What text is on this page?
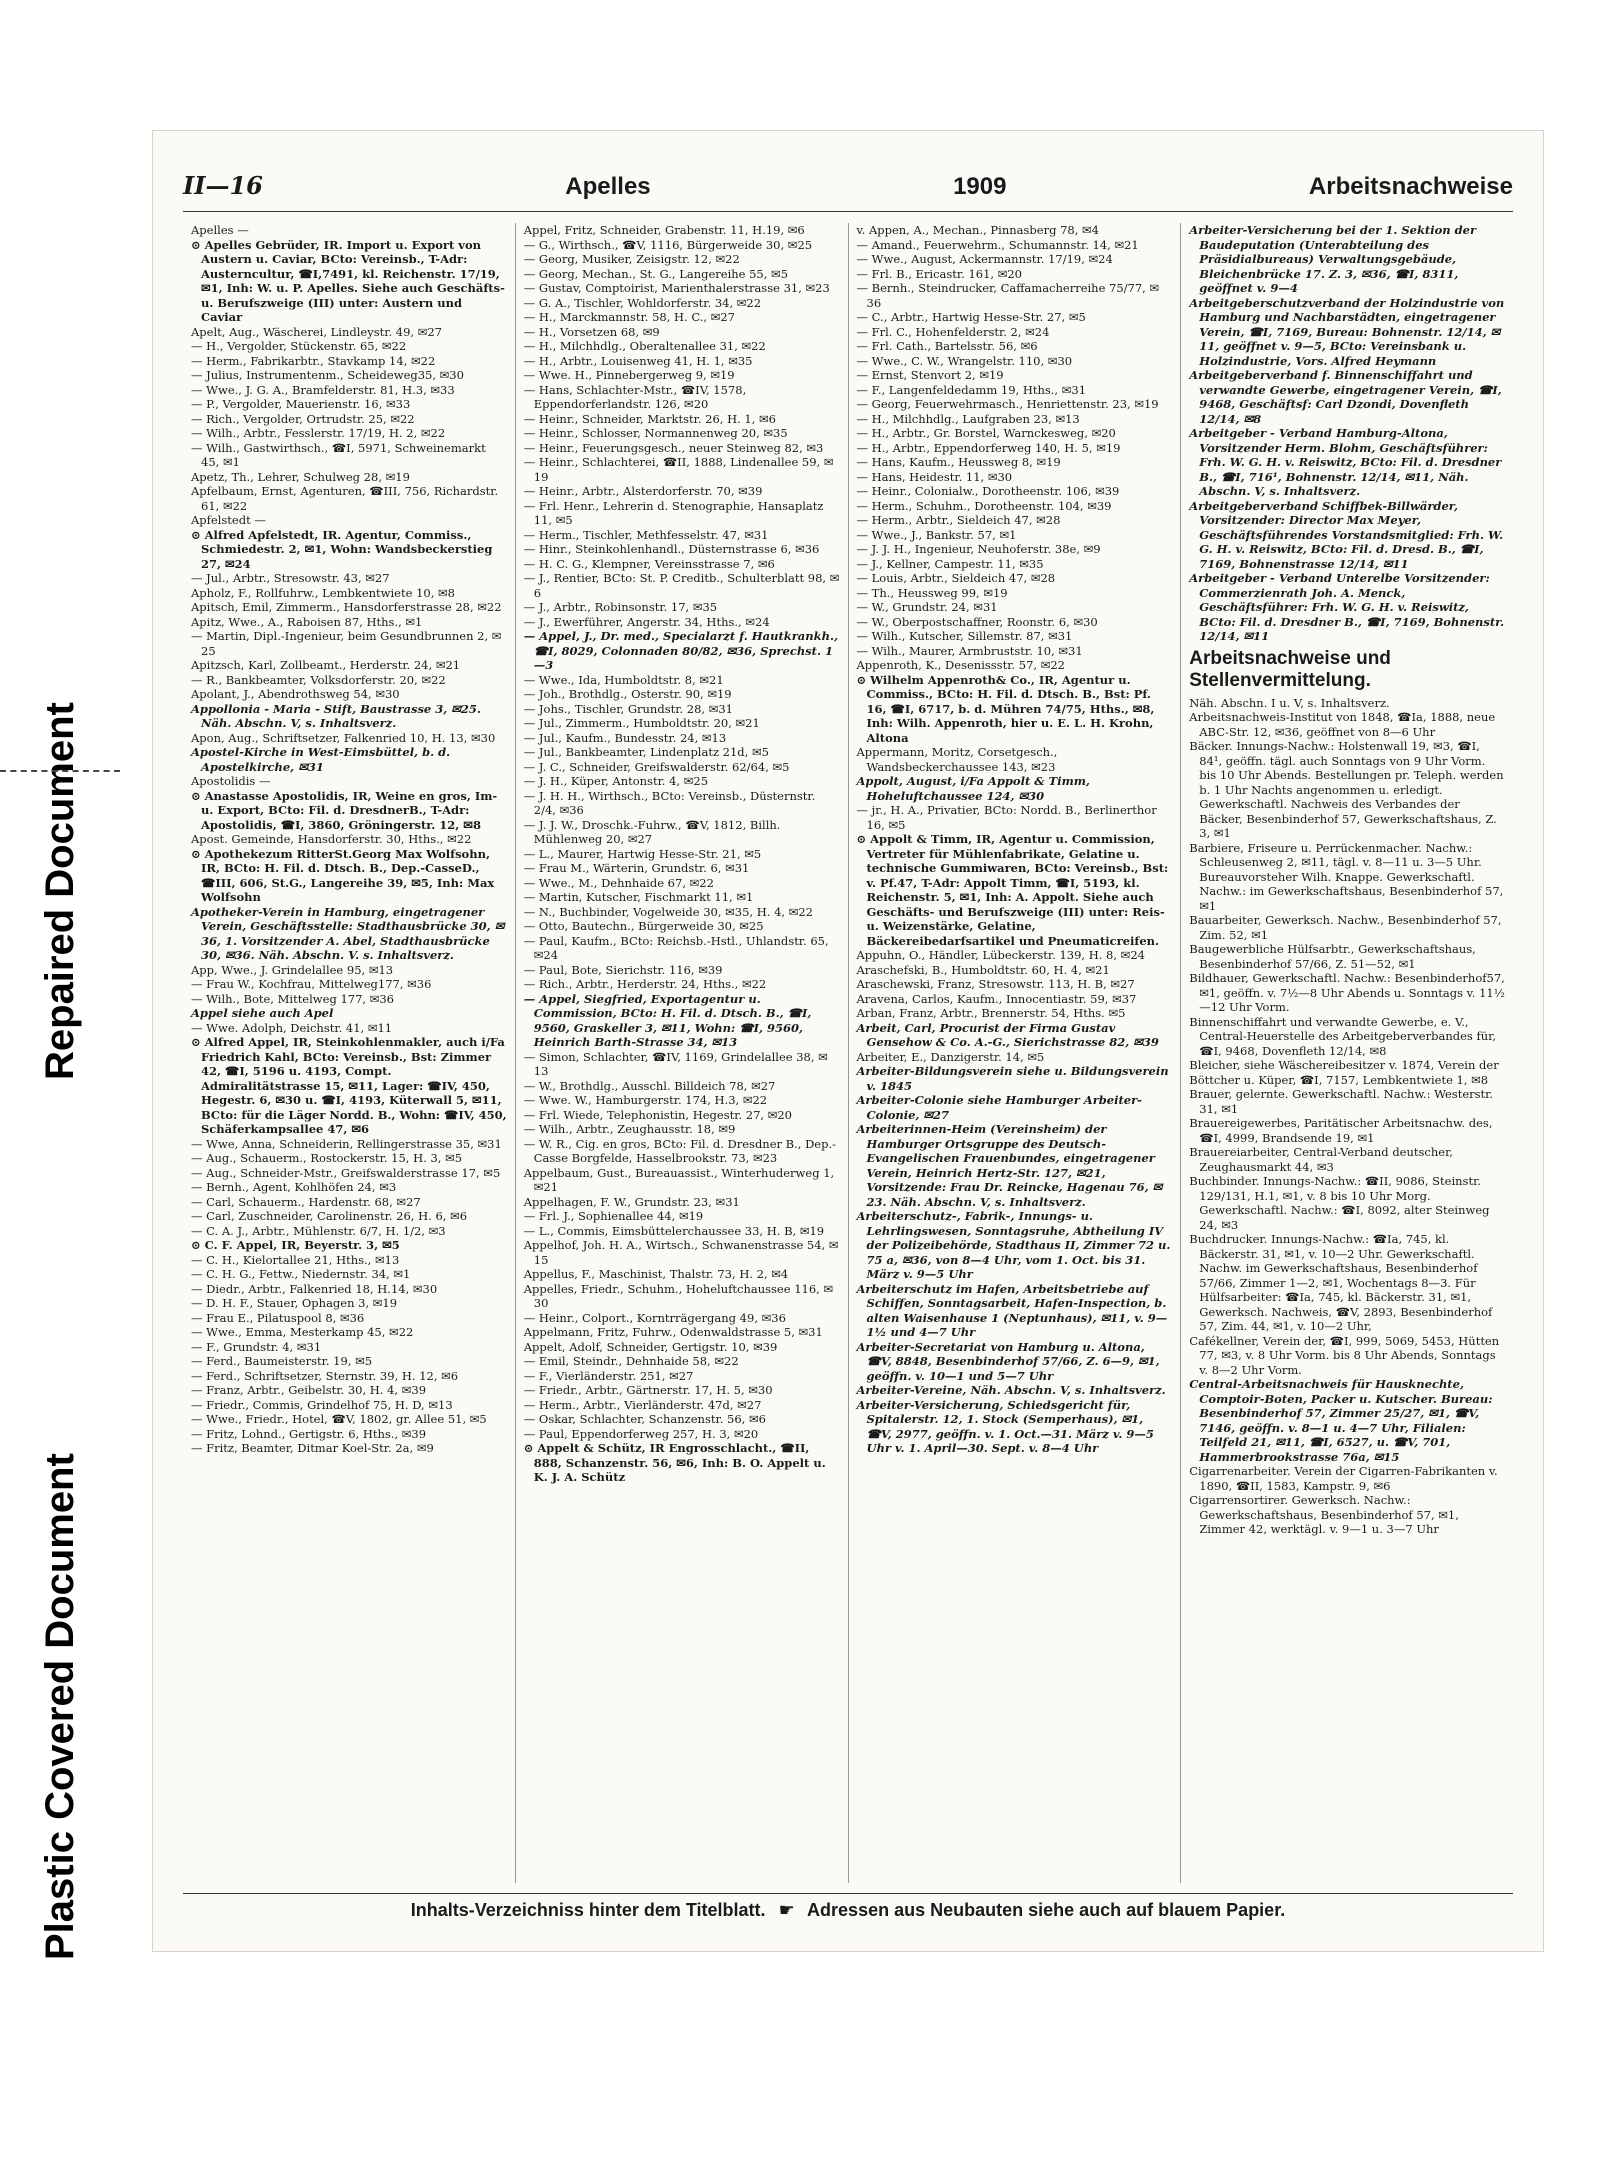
Repaired Document
Plastic Covered Document
II—16	Apelles	1909	Arbeitsnachweise

Apelles —

⊙ Apelles Gebrüder, IR. Import u. Export von Austern u. Caviar, BCto: Vereinsb., T-Adr: Austerncultur, ☎I,7491, kl. Reichenstr. 17/19, ✉1, Inh: W. u. P. Apelles. Siehe auch Geschäfts- u. Berufszweige (III) unter: Austern und Caviar

Apelt, Aug., Wäscherei, Lindleystr. 49, ✉27

— H., Vergolder, Stückenstr. 65, ✉22

— Herm., Fabrikarbtr., Stavkamp 14, ✉22

— Julius, Instrumentenm., Scheideweg35, ✉30

— Wwe., J. G. A., Bramfelderstr. 81, H.3, ✉33

— P., Vergolder, Mauerienstr. 16, ✉33

— Rich., Vergolder, Ortrudstr. 25, ✉22

— Wilh., Arbtr., Fesslerstr. 17/19, H. 2, ✉22

— Wilh., Gastwirthsch., ☎I, 5971, Schweinemarkt 45, ✉1

Apetz, Th., Lehrer, Schulweg 28, ✉19

Apfelbaum, Ernst, Agenturen, ☎III, 756, Richardstr. 61, ✉22

Apfelstedt —

⊙ Alfred Apfelstedt, IR. Agentur, Commiss., Schmiedestr. 2, ✉1, Wohn: Wandsbeckerstieg 27, ✉24

— Jul., Arbtr., Stresowstr. 43, ✉27

Apholz, F., Rollfuhrw., Lembkentwiete 10, ✉8

Apitsch, Emil, Zimmerm., Hansdorferstrasse 28, ✉22

Apitz, Wwe., A., Raboisen 87, Hths., ✉1

— Martin, Dipl.-Ingenieur, beim Gesundbrunnen 2, ✉25

Apitzsch, Karl, Zollbeamt., Herderstr. 24, ✉21

— R., Bankbeamter, Volksdorferstr. 20, ✉22

Apolant, J., Abendrothsweg 54, ✉30

Appollonia - Maria - Stift, Baustrasse 3, ✉25. Näh. Abschn. V, s. Inhaltsverz.

Apon, Aug., Schriftsetzer, Falkenried 10, H. 13, ✉30

Apostel-Kirche in West-Eimsbüttel, b. d. Apostelkirche, ✉31

Apostolidis —

⊙ Anastasse Apostolidis, IR, Weine en gros, Im- u. Export, BCto: Fil. d. DresdnerB., T-Adr: Apostolidis, ☎I, 3860, Gröningerstr. 12, ✉8

Apost. Gemeinde, Hansdorferstr. 30, Hths., ✉22

⊙ Apothekezum RitterSt.Georg Max Wolfsohn, IR, BCto: H. Fil. d. Dtsch. B., Dep.-CasseD., ☎III, 606, St.G., Langereihe 39, ✉5, Inh: Max Wolfsohn

Apotheker-Verein in Hamburg, eingetragener Verein, Geschäftsstelle: Stadthausbrücke 30, ✉36, 1. Vorsitzender A. Abel, Stadthausbrücke 30, ✉36. Näh. Abschn. V. s. Inhaltsverz.

App, Wwe., J. Grindelallee 95, ✉13

— Frau W., Kochfrau, Mittelweg177, ✉36

— Wilh., Bote, Mittelweg 177, ✉36

Appel siehe auch Apel

— Wwe. Adolph, Deichstr. 41, ✉11

⊙ Alfred Appel, IR, Steinkohlenmakler, auch i/Fa Friedrich Kahl, BCto: Vereinsb., Bst: Zimmer 42, ☎I, 5196 u. 4193, Compt. Admiralitätstrasse 15, ✉11, Lager: ☎IV, 450, Hegestr. 6, ✉30 u. ☎I, 4193, Küterwall 5, ✉11, BCto: für die Läger Nordd. B., Wohn: ☎IV, 450, Schäferkampsallee 47, ✉6

— Wwe, Anna, Schneiderin, Rellingerstrasse 35, ✉31

— Aug., Schauerm., Rostockerstr. 15, H. 3, ✉5

— Aug., Schneider-Mstr., Greifswalderstrasse 17, ✉5

— Bernh., Agent, Kohlhöfen 24, ✉3

— Carl, Schauerm., Hardenstr. 68, ✉27

— Carl, Zuschneider, Carolinenstr. 26, H. 6, ✉6

— C. A. J., Arbtr., Mühlenstr. 6/7, H. 1/2, ✉3

⊙ C. F. Appel, IR, Beyerstr. 3, ✉5

— C. H., Kielortallee 21, Hths., ✉13

— C. H. G., Fettw., Niedernstr. 34, ✉1

— Diedr., Arbtr., Falkenried 18, H.14, ✉30

— D. H. F., Stauer, Ophagen 3, ✉19

— Frau E., Pilatuspool 8, ✉36

— Wwe., Emma, Mesterkamp 45, ✉22

— F., Grundstr. 4, ✉31

— Ferd., Baumeisterstr. 19, ✉5

— Ferd., Schriftsetzer, Sternstr. 39, H. 12, ✉6

— Franz, Arbtr., Geibelstr. 30, H. 4, ✉39

— Friedr., Commis, Grindelhof 75, H. D, ✉13

— Wwe., Friedr., Hotel, ☎V, 1802, gr. Allee 51, ✉5

— Fritz, Lohnd., Gertigstr. 6, Hths., ✉39

— Fritz, Beamter, Ditmar Koel-Str. 2a, ✉9

Appel, Fritz, Schneider, Grabenstr. 11, H.19, ✉6

— G., Wirthsch., ☎V, 1116, Bürgerweide 30, ✉25

— Georg, Musiker, Zeisigstr. 12, ✉22

— Georg, Mechan., St. G., Langereihe 55, ✉5

— Gustav, Comptoirist, Marienthalerstrasse 31, ✉23

— G. A., Tischler, Wohldorferstr. 34, ✉22

— H., Marckmannstr. 58, H. C., ✉27

— H., Vorsetzen 68, ✉9

— H., Milchhdlg., Oberaltenallee 31, ✉22

— H., Arbtr., Louisenweg 41, H. 1, ✉35

— Wwe. H., Pinnebergerweg 9, ✉19

— Hans, Schlachter-Mstr., ☎IV, 1578, Eppendorferlandstr. 126, ✉20

— Heinr., Schneider, Marktstr. 26, H. 1, ✉6

— Heinr., Schlosser, Normannenweg 20, ✉35

— Heinr., Feuerungsgesch., neuer Steinweg 82, ✉3

— Heinr., Schlachterei, ☎II, 1888, Lindenallee 59, ✉19

— Heinr., Arbtr., Alsterdorferstr. 70, ✉39

— Frl. Henr., Lehrerin d. Stenographie, Hansaplatz 11, ✉5

— Herm., Tischler, Methfesselstr. 47, ✉31

— Hinr., Steinkohlenhandl., Düsternstrasse 6, ✉36

— H. C. G., Klempner, Vereinsstrasse 7, ✉6

— J., Rentier, BCto: St. P. Creditb., Schulterblatt 98, ✉6

— J., Arbtr., Robinsonstr. 17, ✉35

— J., Ewerführer, Angerstr. 34, Hths., ✉24

— Appel, J., Dr. med., Specialarzt f. Hautkrankh., ☎I, 8029, Colonnaden 80/82, ✉36, Sprechst. 1—3

— Wwe., Ida, Humboldtstr. 8, ✉21

— Joh., Brothdlg., Osterstr. 90, ✉19

— Johs., Tischler, Grundstr. 28, ✉31

— Jul., Zimmerm., Humboldtstr. 20, ✉21

— Jul., Kaufm., Bundesstr. 24, ✉13

— Jul., Bankbeamter, Lindenplatz 21d, ✉5

— J. C., Schneider, Greifswalderstr. 62/64, ✉5

— J. H., Küper, Antonstr. 4, ✉25

— J. H. H., Wirthsch., BCto: Vereinsb., Düsternstr. 2/4, ✉36

— J. J. W., Droschk.-Fuhrw., ☎V, 1812, Billh. Mühlenweg 20, ✉27

— L., Maurer, Hartwig Hesse-Str. 21, ✉5

— Frau M., Wärterin, Grundstr. 6, ✉31

— Wwe., M., Dehnhaide 67, ✉22

— Martin, Kutscher, Fischmarkt 11, ✉1

— N., Buchbinder, Vogelweide 30, ✉35, H. 4, ✉22

— Otto, Bautechn., Bürgerweide 30, ✉25

— Paul, Kaufm., BCto: Reichsb.-Hstl., Uhlandstr. 65, ✉24

— Paul, Bote, Sierichstr. 116, ✉39

— Rich., Arbtr., Herderstr. 24, Hths., ✉22

— Appel, Siegfried, Exportagentur u. Commission, BCto: H. Fil. d. Dtsch. B., ☎I, 9560, Graskeller 3, ✉11, Wohn: ☎I, 9560, Heinrich Barth-Strasse 34, ✉13

— Simon, Schlachter, ☎IV, 1169, Grindelallee 38, ✉13

— W., Brothdlg., Ausschl. Billdeich 78, ✉27

— Wwe. W., Hamburgerstr. 174, H.3, ✉22

— Frl. Wiede, Telephonistin, Hegestr. 27, ✉20

— Wilh., Arbtr., Zeughausstr. 18, ✉9

— W. R., Cig. en gros, BCto: Fil. d. Dresdner B., Dep.-Casse Borgfelde, Hasselbrookstr. 73, ✉23

Appelbaum, Gust., Bureauassist., Winterhuderweg 1, ✉21

Appelhagen, F. W., Grundstr. 23, ✉31

— Frl. J., Sophienallee 44, ✉19

— L., Commis, Eimsbüttelerchaussee 33, H. B, ✉19

Appelhof, Joh. H. A., Wirtsch., Schwanenstrasse 54, ✉15

Appellus, F., Maschinist, Thalstr. 73, H. 2, ✉4

Appelles, Friedr., Schuhm., Hoheluftchaussee 116, ✉30

— Heinr., Colport., Korntrrägergang 49, ✉36

Appelmann, Fritz, Fuhrw., Odenwaldstrasse 5, ✉31

Appelt, Adolf, Schneider, Gertigstr. 10, ✉39

— Emil, Steindr., Dehnhaide 58, ✉22

— F., Vierländerstr. 251, ✉27

— Friedr., Arbtr., Gärtnerstr. 17, H. 5, ✉30

— Herm., Arbtr., Vierländerstr. 47d, ✉27

— Oskar, Schlachter, Schanzenstr. 56, ✉6

— Paul, Eppendorferweg 257, H. 3, ✉20

⊙ Appelt & Schütz, IR Engrosschlacht., ☎II, 888, Schanzenstr. 56, ✉6, Inh: B. O. Appelt u. K. J. A. Schütz

v. Appen, A., Mechan., Pinnasberg 78, ✉4

— Amand., Feuerwehrm., Schumannstr. 14, ✉21

— Wwe., August, Ackermannstr. 17/19, ✉24

— Frl. B., Ericastr. 161, ✉20

— Bernh., Steindrucker, Caffamacherreihe 75/77, ✉36

— C., Arbtr., Hartwig Hesse-Str. 27, ✉5

— Frl. C., Hohenfelderstr. 2, ✉24

— Frl. Cath., Bartelsstr. 56, ✉6

— Wwe., C. W., Wrangelstr. 110, ✉30

— Ernst, Stenvort 2, ✉19

— F., Langenfeldedamm 19, Hths., ✉31

— Georg, Feuerwehrmasch., Henriettenstr. 23, ✉19

— H., Milchhdlg., Laufgraben 23, ✉13

— H., Arbtr., Gr. Borstel, Warnckesweg, ✉20

— H., Arbtr., Eppendorferweg 140, H. 5, ✉19

— Hans, Kaufm., Heussweg 8, ✉19

— Hans, Heidestr. 11, ✉30

— Heinr., Colonialw., Dorotheenstr. 106, ✉39

— Herm., Schuhm., Dorotheenstr. 104, ✉39

— Herm., Arbtr., Sieldeich 47, ✉28

— Wwe., J., Bankstr. 57, ✉1

— J. J. H., Ingenieur, Neuhoferstr. 38e, ✉9

— J., Kellner, Campestr. 11, ✉35

— Louis, Arbtr., Sieldeich 47, ✉28

— Th., Heussweg 99, ✉19

— W., Grundstr. 24, ✉31

— W., Oberpostschaffner, Roonstr. 6, ✉30

— Wilh., Kutscher, Sillemstr. 87, ✉31

— Wilh., Maurer, Armbruststr. 10, ✉31

Appenroth, K., Desenissstr. 57, ✉22

⊙ Wilhelm Appenroth& Co., IR, Agentur u. Commiss., BCto: H. Fil. d. Dtsch. B., Bst: Pf. 16, ☎I, 6717, b. d. Mühren 74/75, Hths., ✉8, Inh: Wilh. Appenroth, hier u. E. L. H. Krohn, Altona

Appermann, Moritz, Corsetgesch., Wandsbeckerchaussee 143, ✉23

Appolt, August, i/Fa Appolt & Timm, Hoheluftchaussee 124, ✉30

— jr., H. A., Privatier, BCto: Nordd. B., Berlinerthor 16, ✉5

⊙ Appolt & Timm, IR, Agentur u. Commission, Vertreter für Mühlenfabrikate, Gelatine u. technische Gummiwaren, BCto: Vereinsb., Bst: v. Pf.47, T-Adr: Appolt Timm, ☎I, 5193, kl. Reichenstr. 5, ✉1, Inh: A. Appolt. Siehe auch Geschäfts- und Berufszweige (III) unter: Reis- u. Weizenstärke, Gelatine, Bäckereibedarfsartikel und Pneumaticreifen.

Appuhn, O., Händler, Lübeckerstr. 139, H. 8, ✉24

Araschefski, B., Humboldtstr. 60, H. 4, ✉21

Araschewski, Franz, Stresowstr. 113, H. B, ✉27

Aravena, Carlos, Kaufm., Innocentiastr. 59, ✉37

Arban, Franz, Arbtr., Brennerstr. 54, Hths. ✉5

Arbeit, Carl, Procurist der Firma Gustav Gensehow & Co. A.-G., Sierichstrasse 82, ✉39

Arbeiter, E., Danzigerstr. 14, ✉5

Arbeiter-Bildungsverein siehe u. Bildungsverein v. 1845

Arbeiter-Colonie siehe Hamburger Arbeiter-Colonie, ✉27

Arbeiterinnen-Heim (Vereinsheim) der Hamburger Ortsgruppe des Deutsch-Evangelischen Frauenbundes, eingetragener Verein, Heinrich Hertz-Str. 127, ✉21, Vorsitzende: Frau Dr. Reincke, Hagenau 76, ✉23. Näh. Abschn. V, s. Inhaltsverz.

Arbeiterschutz-, Fabrik-, Innungs- u. Lehrlingswesen, Sonntagsruhe, Abtheilung IV der Polizeibehörde, Stadthaus II, Zimmer 72 u. 75 a, ✉36, von 8—4 Uhr, vom 1. Oct. bis 31. März v. 9—5 Uhr

Arbeiterschutz im Hafen, Arbeitsbetriebe auf Schiffen, Sonntagsarbeit, Hafen-Inspection, b. alten Waisenhause 1 (Neptunhaus), ✉11, v. 9—1½ und 4—7 Uhr

Arbeiter-Secretariat von Hamburg u. Altona, ☎V, 8848, Besenbinderhof 57/66, Z. 6—9, ✉1, geöffn. v. 10—1 und 5—7 Uhr

Arbeiter-Vereine, Näh. Abschn. V, s. Inhaltsverz.

Arbeiter-Versicherung, Schiedsgericht für, Spitalerstr. 12, 1. Stock (Semperhaus), ✉1, ☎V, 2977, geöffn. v. 1. Oct.—31. März v. 9—5 Uhr v. 1. April—30. Sept. v. 8—4 Uhr

Arbeiter-Versicherung bei der 1. Sektion der Baudeputation (Unterabteilung des Präsidialbureaus) Verwaltungsgebäude, Bleichenbrücke 17. Z. 3, ✉36, ☎I, 8311, geöffnet v. 9—4

Arbeitgeberschutzverband der Holzindustrie von Hamburg und Nachbarstädten, eingetragener Verein, ☎I, 7169, Bureau: Bohnenstr. 12/14, ✉11, geöffnet v. 9—5, BCto: Vereinsbank u. Holzindustrie, Vors. Alfred Heymann

Arbeitgeberverband f. Binnenschiffahrt und verwandte Gewerbe, eingetragener Verein, ☎I, 9468, Geschäftsf: Carl Dzondi, Dovenfleth 12/14, ✉8

Arbeitgeber - Verband Hamburg-Altona, Vorsitzender Herm. Blohm, Geschäftsführer: Frh. W. G. H. v. Reiswitz, BCto: Fil. d. Dresdner B., ☎I, 716¹, Bohnenstr. 12/14, ✉11, Näh. Abschn. V, s. Inhaltsverz.

Arbeitgeberverband Schiffbek-Billwärder, Vorsitzender: Director Max Meyer, Geschäftsführendes Vorstandsmitglied: Frh. W. G. H. v. Reiswitz, BCto: Fil. d. Dresd. B., ☎I, 7169, Bohnenstrasse 12/14, ✉11

Arbeitgeber - Verband Unterelbe Vorsitzender: Commerzienrath Joh. A. Menck, Geschäftsführer: Frh. W. G. H. v. Reiswitz, BCto: Fil. d. Dresdner B., ☎I, 7169, Bohnenstr. 12/14, ✉11

Arbeitsnachweise und Stellenvermittelung.

Näh. Abschn. I u. V, s. Inhaltsverz.

Arbeitsnachweis-Institut von 1848, ☎Ia, 1888, neue ABC-Str. 12, ✉36, geöffnet von 8—6 Uhr

Bäcker. Innungs-Nachw.: Holstenwall 19, ✉3, ☎I, 84¹, geöffn. tägl. auch Sonntags von 9 Uhr Vorm. bis 10 Uhr Abends. Bestellungen pr. Teleph. werden b. 1 Uhr Nachts angenommen u. erledigt. Gewerkschaftl. Nachweis des Verbandes der Bäcker, Besenbinderhof 57, Gewerkschaftshaus, Z. 3, ✉1

Barbiere, Friseure u. Perrückenmacher. Nachw.: Schleusenweg 2, ✉11, tägl. v. 8—11 u. 3—5 Uhr. Bureauvorsteher Wilh. Knappe. Gewerkschaftl. Nachw.: im Gewerkschaftshaus, Besenbinderhof 57, ✉1

Bauarbeiter, Gewerksch. Nachw., Besenbinderhof 57, Zim. 52, ✉1

Baugewerbliche Hülfsarbtr., Gewerkschaftshaus, Besenbinderhof 57/66, Z. 51—52, ✉1

Bildhauer, Gewerkschaftl. Nachw.: Besenbinderhof57, ✉1, geöffn. v. 7½—8 Uhr Abends u. Sonntags v. 11½—12 Uhr Vorm.

Binnenschiffahrt und verwandte Gewerbe, e. V., Central-Heuerstelle des Arbeitgeberverbandes für, ☎I, 9468, Dovenfleth 12/14, ✉8

Bleicher, siehe Wäschereibesitzer v. 1874, Verein der

Böttcher u. Küper, ☎I, 7157, Lembkentwiete 1, ✉8

Brauer, gelernte. Gewerkschaftl. Nachw.: Westerstr. 31, ✉1

Brauereigewerbes, Paritätischer Arbeitsnachw. des, ☎I, 4999, Brandsende 19, ✉1

Brauereiarbeiter, Central-Verband deutscher, Zeughausmarkt 44, ✉3

Buchbinder. Innungs-Nachw.: ☎II, 9086, Steinstr. 129/131, H.1, ✉1, v. 8 bis 10 Uhr Morg. Gewerkschaftl. Nachw.: ☎I, 8092, alter Steinweg 24, ✉3

Buchdrucker. Innungs-Nachw.: ☎Ia, 745, kl. Bäckerstr. 31, ✉1, v. 10—2 Uhr. Gewerkschaftl. Nachw. im Gewerkschaftshaus, Besenbinderhof 57/66, Zimmer 1—2, ✉1, Wochentags 8—3. Für Hülfsarbeiter: ☎Ia, 745, kl. Bäckerstr. 31, ✉1, Gewerksch. Nachweis, ☎V, 2893, Besenbinderhof 57, Zim. 44, ✉1, v. 10—2 Uhr,

Cafékellner, Verein der, ☎I, 999, 5069, 5453, Hütten 77, ✉3, v. 8 Uhr Vorm. bis 8 Uhr Abends, Sonntags v. 8—2 Uhr Vorm.

Central-Arbeitsnachweis für Hausknechte, Comptoir-Boten, Packer u. Kutscher. Bureau: Besenbinderhof 57, Zimmer 25/27, ✉1, ☎V, 7146, geöffn. v. 8—1 u. 4—7 Uhr, Filialen: Teilfeld 21, ✉11, ☎I, 6527, u. ☎V, 701, Hammerbrookstrasse 76a, ✉15

Cigarrenarbeiter. Verein der Cigarren-Fabrikanten v. 1890, ☎II, 1583, Kampstr. 9, ✉6

Cigarrensortirer. Gewerksch. Nachw.: Gewerkschaftshaus, Besenbinderhof 57, ✉1, Zimmer 42, werktägl. v. 9—1 u. 3—7 Uhr

Inhalts-Verzeichniss hinter dem Titelblatt. ☛ Adressen aus Neubauten siehe auch auf blauem Papier.
